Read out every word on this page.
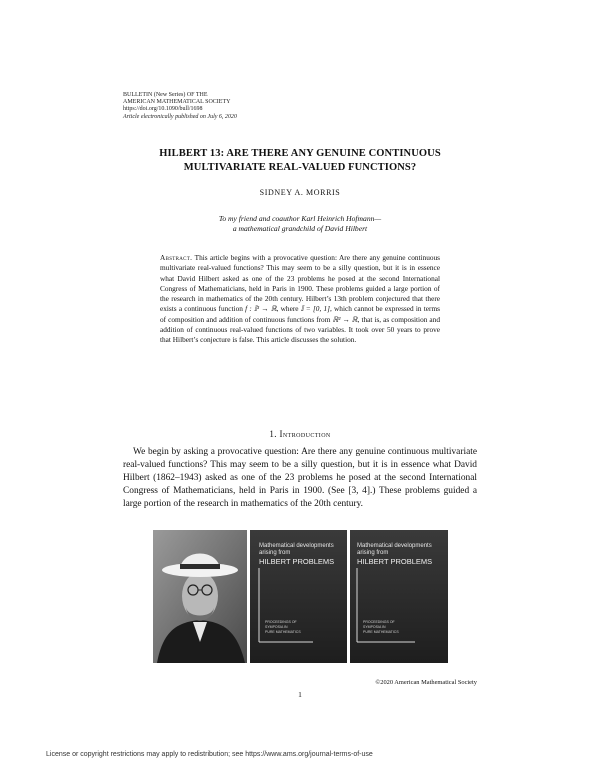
BULLETIN (New Series) OF THE
AMERICAN MATHEMATICAL SOCIETY
https://doi.org/10.1090/bull/1698
Article electronically published on July 6, 2020
HILBERT 13: ARE THERE ANY GENUINE CONTINUOUS
MULTIVARIATE REAL-VALUED FUNCTIONS?
SIDNEY A. MORRIS
To my friend and coauthor Karl Heinrich Hofmann—
a mathematical grandchild of David Hilbert
Abstract. This article begins with a provocative question: Are there any genuine continuous multivariate real-valued functions? This may seem to be a silly question, but it is in essence what David Hilbert asked as one of the 23 problems he posed at the second International Congress of Mathematicians, held in Paris in 1900. These problems guided a large portion of the research in mathematics of the 20th century. Hilbert’s 13th problem conjectured that there exists a continuous function f : 𝕀³ → ℝ, where 𝕀 = [0, 1], which cannot be expressed in terms of composition and addition of continuous functions from ℝ² → ℝ, that is, as composition and addition of continuous real-valued functions of two variables. It took over 50 years to prove that Hilbert’s conjecture is false. This article discusses the solution.
1. Introduction
We begin by asking a provocative question: Are there any genuine continuous multivariate real-valued functions? This may seem to be a silly question, but it is in essence what David Hilbert (1862–1943) asked as one of the 23 problems he posed at the second International Congress of Mathematicians, held in Paris in 1900. (See [3, 4].) These problems guided a large portion of the research in mathematics of the 20th century.
Mathematical developments
arising from
HILBERT PROBLEMS
PROCEEDINGS OF
SYMPOSIA IN
PURE MATHEMATICS
Mathematical developments
arising from
HILBERT PROBLEMS
PROCEEDINGS OF
SYMPOSIA IN
PURE MATHEMATICS
©2020 American Mathematical Society
1
License or copyright restrictions may apply to redistribution; see https://www.ams.org/journal-terms-of-use
